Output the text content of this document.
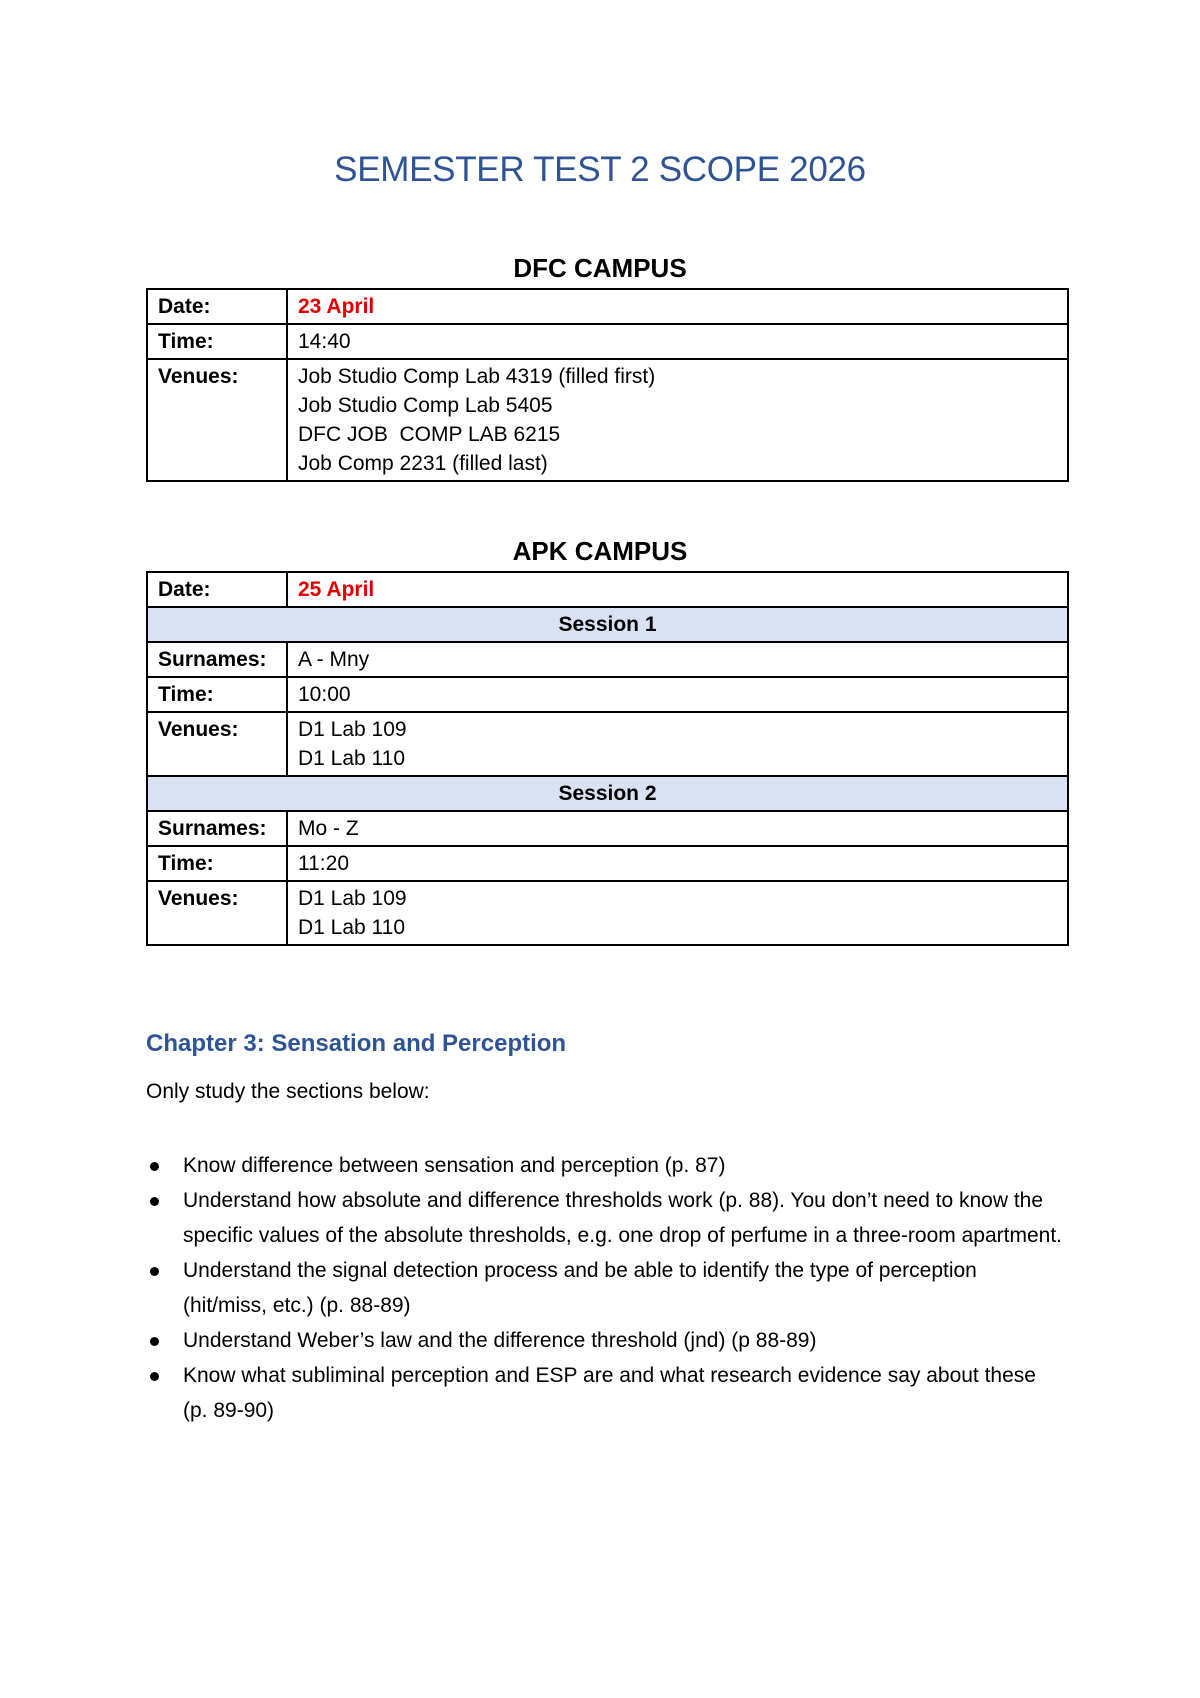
SEMESTER TEST 2 SCOPE 2026
DFC CAMPUS
Date:	23 April
Time:	14:40
Venues:	Job Studio Comp Lab 4319 (filled first)
Job Studio Comp Lab 5405
DFC JOB  COMP LAB 6215
Job Comp 2231 (filled last)
APK CAMPUS
Date:	25 April
Session 1	
Surnames:	A - Mny
Time:	10:00
Venues:	D1 Lab 109
D1 Lab 110

Session 2	
Surnames:	Mo - Z
Time:	11:20
Venues:	D1 Lab 109
D1 Lab 110
Chapter 3: Sensation and Perception
Only study the sections below:
Know difference between sensation and perception (p. 87)
Understand how absolute and difference thresholds work (p. 88). You don’t need to know the specific values of the absolute thresholds, e.g. one drop of perfume in a three-room apartment.
Understand the signal detection process and be able to identify the type of perception (hit/miss, etc.) (p. 88-89)
Understand Weber’s law and the difference threshold (jnd) (p 88-89)
Know what subliminal perception and ESP are and what research evidence say about these (p. 89-90)
